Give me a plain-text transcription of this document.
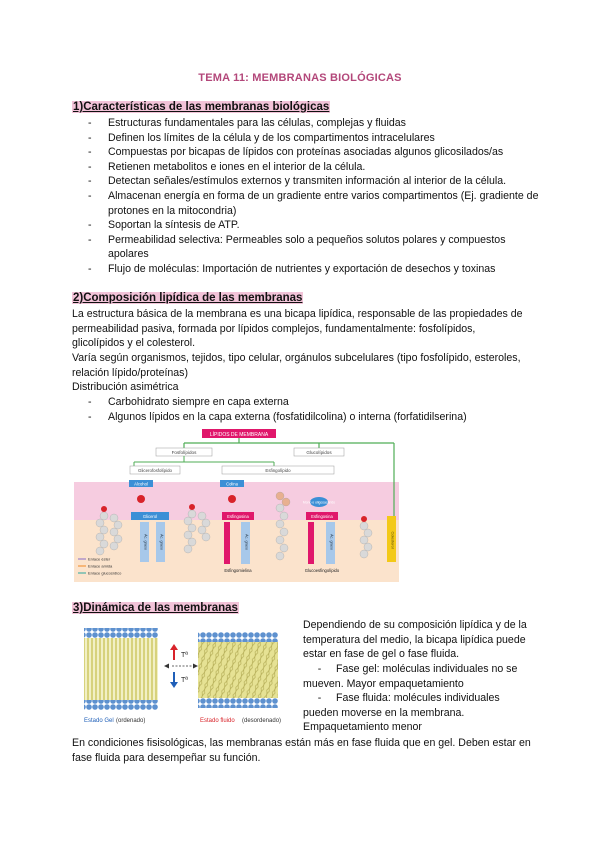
TEMA 11: MEMBRANAS BIOLÓGICAS
1)Características de las membranas biológicas
- Estructuras fundamentales para las células, complejas y fluidas
- Definen los límites de la célula y de los compartimentos intracelulares
- Compuestas por bicapas de lípidos con proteínas asociadas algunos glicosilados/as
- Retienen metabolitos e iones en el interior de la célula.
- Detectan señales/estímulos externos y transmiten información al interior de la célula.
- Almacenan energía en forma de un gradiente entre varios compartimentos (Ej. gradiente de protones en la mitocondria)
- Soportan la síntesis de ATP.
- Permeabilidad selectiva: Permeables solo a pequeños solutos polares y compuestos apolares
- Flujo de moléculas: Importación de nutrientes y exportación de desechos y toxinas
2)Composición lipídica de las membranas
La estructura básica de la membrana es una bicapa lipídica, responsable de las propiedades de permeabilidad pasiva, formada por lípidos complejos, fundamentalmente: fosfolípidos, glicolípidos y el colesterol.
Varía según organismos, tejidos, tipo celular, orgánulos subcelulares (tipo fosfolípido, esteroles, relación lípido/proteínas)
Distribución asimétrica
- Carbohidrato siempre en capa externa
- Algunos lípidos en la capa externa (fosfatidilcolina) o interna (forfatidilserina)
LÍPIDOS DE MEMBRANA
Fosfolípidos	Glucolípidos
Glicerofosfolípido	Esfingolípido
Alcohol	Colina
Mono o oligosacárido
Glicerol	Esfingosina	Esfingosina
Ác. graso	Ác. graso	Ác. graso	Ác. graso	Colesterol
Esfingomielina	Glucoesfingolípido
Enlace éster
Enlace amida
Enlace glucosídico
3)Dinámica de las membranas
Tª
Tª
Estado Gel (ordenado)	Estado fluido (desordenado)
Dependiendo de su composición lipídica y de la temperatura del medio, la bicapa lipídica puede estar en fase de gel o fase fluida.
- Fase gel: moléculas individuales no se mueven. Mayor empaquetamiento
- Fase fluida: molécules individuales pueden moverse en la membrana. Empaquetamiento menor
En condiciones fisisológicas, las membranas están más en fase fluida que en gel. Deben estar en fase fluida para desempeñar su función.
